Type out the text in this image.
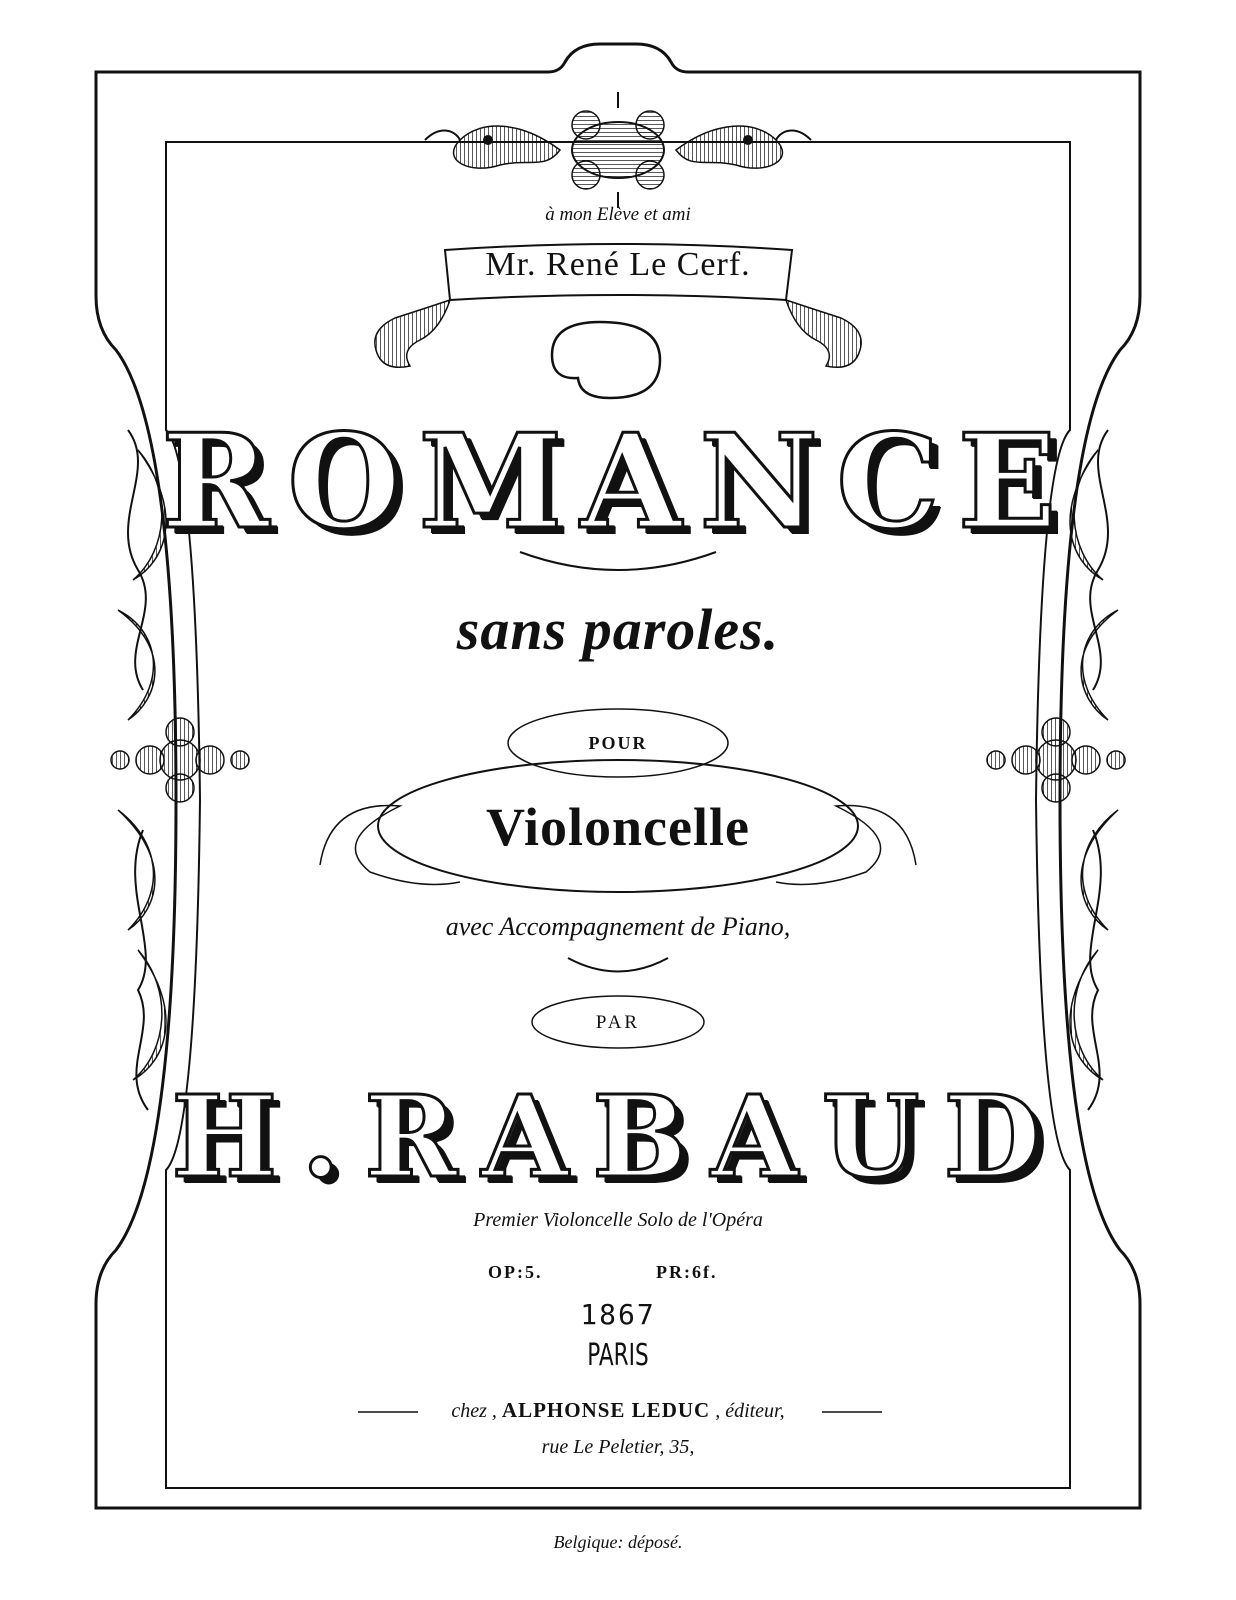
à mon Elève et ami
Mr. René Le Cerf.
ROMANCE
sans paroles.
POUR
Violoncelle
avec Accompagnement de Piano,
PAR
H.RABAUD
Premier Violoncelle Solo de l'Opéra
OP:5.	PR:6f.
1867
PARIS
chez , ALPHONSE LEDUC , éditeur,
rue Le Peletier, 35,
Belgique: déposé.
